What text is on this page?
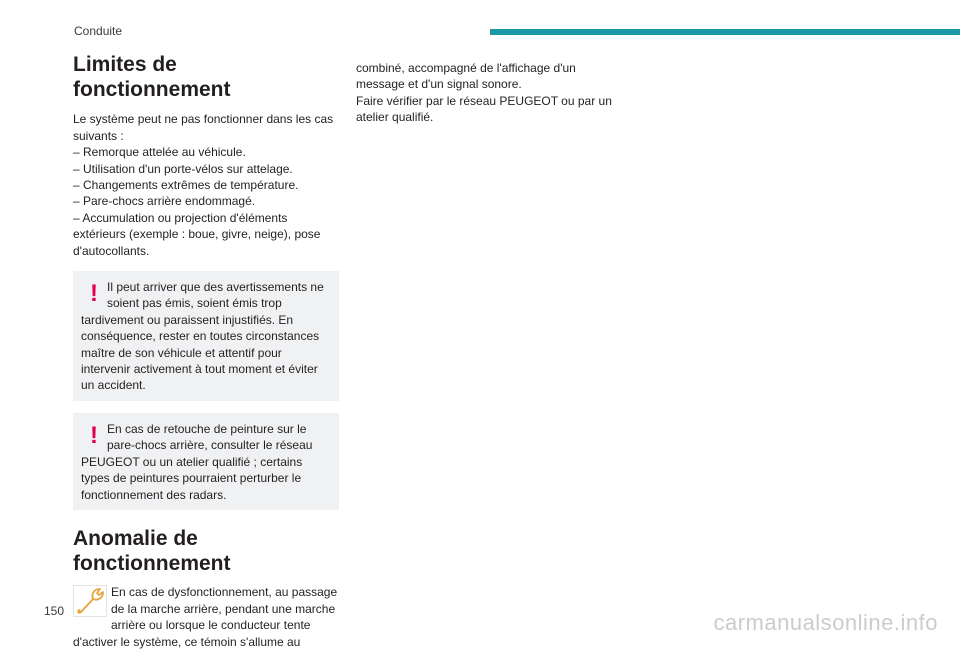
Conduite
Limites de fonctionnement

Le système peut ne pas fonctionner dans les cas suivants :

– Remorque attelée au véhicule.

– Utilisation d'un porte-vélos sur attelage.

– Changements extrêmes de température.

– Pare-chocs arrière endommagé.

– Accumulation ou projection d'éléments extérieurs (exemple : boue, givre, neige), pose d'autocollants.

! Il peut arriver que des avertissements ne soient pas émis, soient émis trop tardivement ou paraissent injustifiés. En conséquence, rester en toutes circonstances maître de son véhicule et attentif pour intervenir activement à tout moment et éviter un accident.
! En cas de retouche de peinture sur le pare-chocs arrière, consulter le réseau PEUGEOT ou un atelier qualifié ; certains types de peintures pourraient perturber le fonctionnement des radars.
Anomalie de
fonctionnement

En cas de dysfonctionnement, au passage de la marche arrière, pendant une marche arrière ou lorsque le conducteur tente d'activer le système, ce témoin s'allume au

combiné, accompagné de l'affichage d'un

message et d'un signal sonore.

Faire vérifier par le réseau PEUGEOT ou par un

atelier qualifié.

150	carmanualsonline.info
